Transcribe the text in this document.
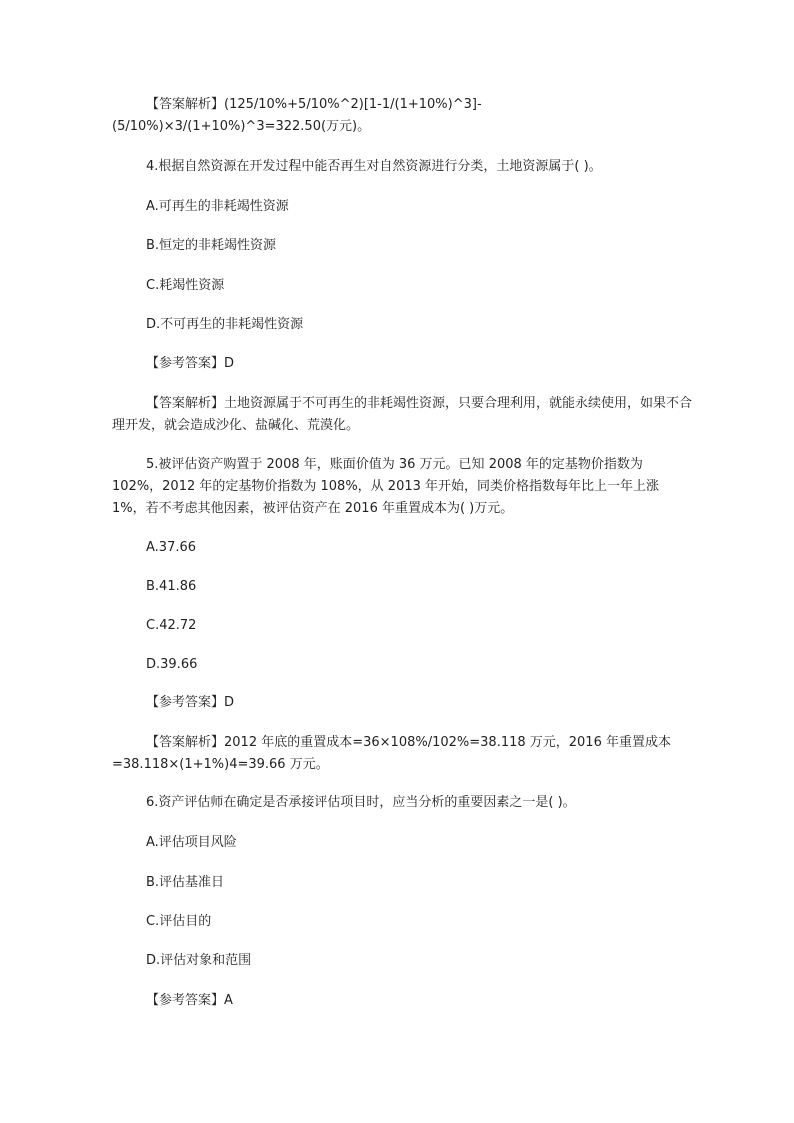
【答案解析】(125/10%+5/10%^2)[1-1/(1+10%)^3]-(5/10%)×3/(1+10%)^3=322.50(万元)。

4.根据自然资源在开发过程中能否再生对自然资源进行分类，土地资源属于( )。

A.可再生的非耗竭性资源

B.恒定的非耗竭性资源

C.耗竭性资源

D.不可再生的非耗竭性资源

【参考答案】D

【答案解析】土地资源属于不可再生的非耗竭性资源，只要合理利用，就能永续使用，如果不合理开发，就会造成沙化、盐碱化、荒漠化。

5.被评估资产购置于 2008 年，账面价值为 36 万元。已知 2008 年的定基物价指数为 102%，2012 年的定基物价指数为 108%，从 2013 年开始，同类价格指数每年比上一年上涨 1%，若不考虑其他因素，被评估资产在 2016 年重置成本为( )万元。

A.37.66

B.41.86

C.42.72

D.39.66

【参考答案】D

【答案解析】2012 年底的重置成本=36×108%/102%=38.118 万元，2016 年重置成本=38.118×(1+1%)4=39.66 万元。

6.资产评估师在确定是否承接评估项目时，应当分析的重要因素之一是( )。

A.评估项目风险

B.评估基准日

C.评估目的

D.评估对象和范围

【参考答案】A
